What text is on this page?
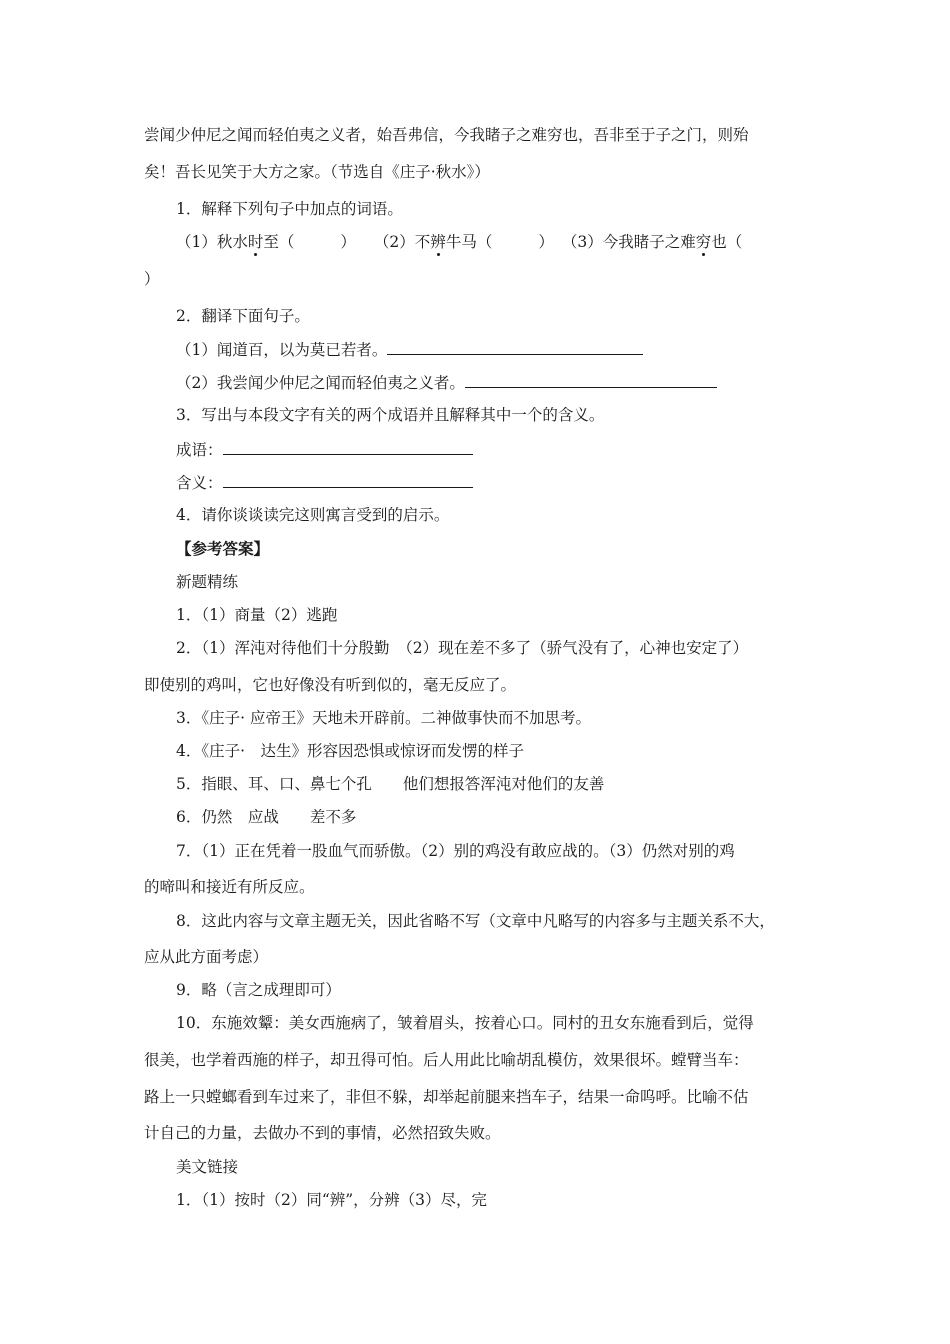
尝闻少仲尼之闻而轻伯夷之义者，始吾弗信，今我睹子之难穷也，吾非至于子之门，则殆
矣！吾长见笑于大方之家。（节选自《庄子·秋水》）
1．解释下列句子中加点的词语。
（1）秋水时至（	） （2）不辨牛马（	） （3）今我睹子之难穷也（
）
2．翻译下面句子。
（1）闻道百，以为莫已若者。
（2）我尝闻少仲尼之闻而轻伯夷之义者。
3．写出与本段文字有关的两个成语并且解释其中一个的含义。
成语：
含义：
4．请你谈谈读完这则寓言受到的启示。
【参考答案】
新题精练
1．（1）商量（2）逃跑
2．（1）浑沌对待他们十分殷勤　（2）现在差不多了（骄气没有了，心神也安定了）
即使别的鸡叫，它也好像没有听到似的，毫无反应了。
3．《庄子· 应帝王》天地未开辟前。二神做事快而不加思考。
4．《庄子·　达生》形容因恐惧或惊讶而发愣的样子
5．指眼、耳、口、鼻七个孔　　他们想报答浑沌对他们的友善
6．仍然　应战　　差不多
7．（1）正在凭着一股血气而骄傲。（2）别的鸡没有敢应战的。（3）仍然对别的鸡
的啼叫和接近有所反应。
8．这此内容与文章主题无关，因此省略不写（文章中凡略写的内容多与主题关系不大，
应从此方面考虑）
9．略（言之成理即可）
10．东施效颦：美女西施病了，皱着眉头，按着心口。同村的丑女东施看到后，觉得
很美，也学着西施的样子，却丑得可怕。后人用此比喻胡乱模仿，效果很坏。螳臂当车：
路上一只螳螂看到车过来了，非但不躲，却举起前腿来挡车子，结果一命呜呼。比喻不估
计自己的力量，去做办不到的事情，必然招致失败。
美文链接
1．（1）按时（2）同“辨”，分辨（3）尽，完
